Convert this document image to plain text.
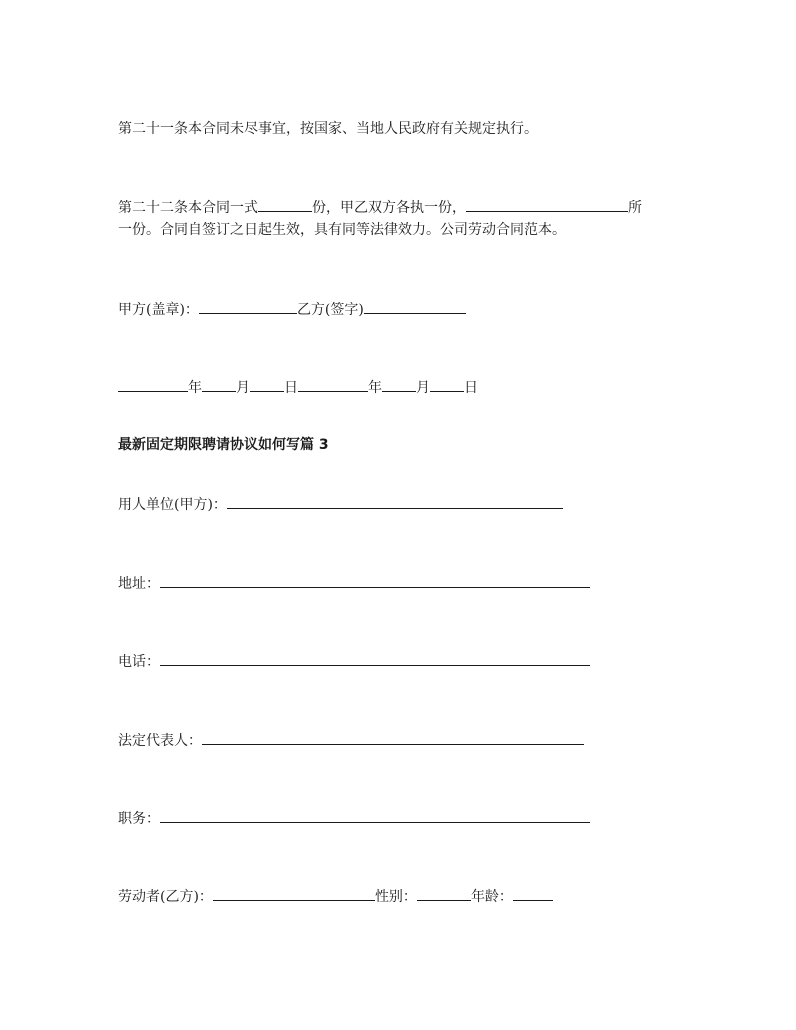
第二十一条本合同未尽事宜，按国家、当地人民政府有关规定执行。
第二十二条本合同一式	份，甲乙双方各执一份，	所
一份。合同自签订之日起生效，具有同等法律效力。公司劳动合同范本。
甲方(盖章)：	乙方(签字)
年 月 日	年 月 日
最新固定期限聘请协议如何写篇 3
用人单位(甲方)：
地址：
电话：
法定代表人：
职务：
劳动者(乙方)：	性别：	年龄：
